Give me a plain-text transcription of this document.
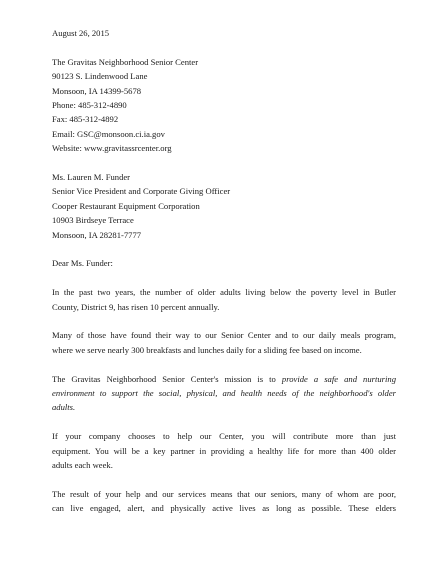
August 26, 2015
The Gravitas Neighborhood Senior Center
90123 S. Lindenwood Lane
Monsoon, IA 14399-5678
Phone: 485-312-4890
Fax: 485-312-4892
Email: GSC@monsoon.ci.ia.gov
Website: www.gravitassrcenter.org
Ms. Lauren M. Funder
Senior Vice President and Corporate Giving Officer
Cooper Restaurant Equipment Corporation
10903 Birdseye Terrace
Monsoon, IA 28281-7777
Dear Ms. Funder:
In the past two years, the number of older adults living below the poverty level in Butler
County, District 9, has risen 10 percent annually.
Many of those have found their way to our Senior Center and to our daily meals program,
where we serve nearly 300 breakfasts and lunches daily for a sliding fee based on income.
The Gravitas Neighborhood Senior Center's mission is to provide a safe and nurturing
environment to support the social, physical, and health needs of the neighborhood's older
adults.
If your company chooses to help our Center, you will contribute more than just
equipment. You will be a key partner in providing a healthy life for more than 400 older
adults each week.
The result of your help and our services means that our seniors, many of whom are poor,
can live engaged, alert, and physically active lives as long as possible. These elders
